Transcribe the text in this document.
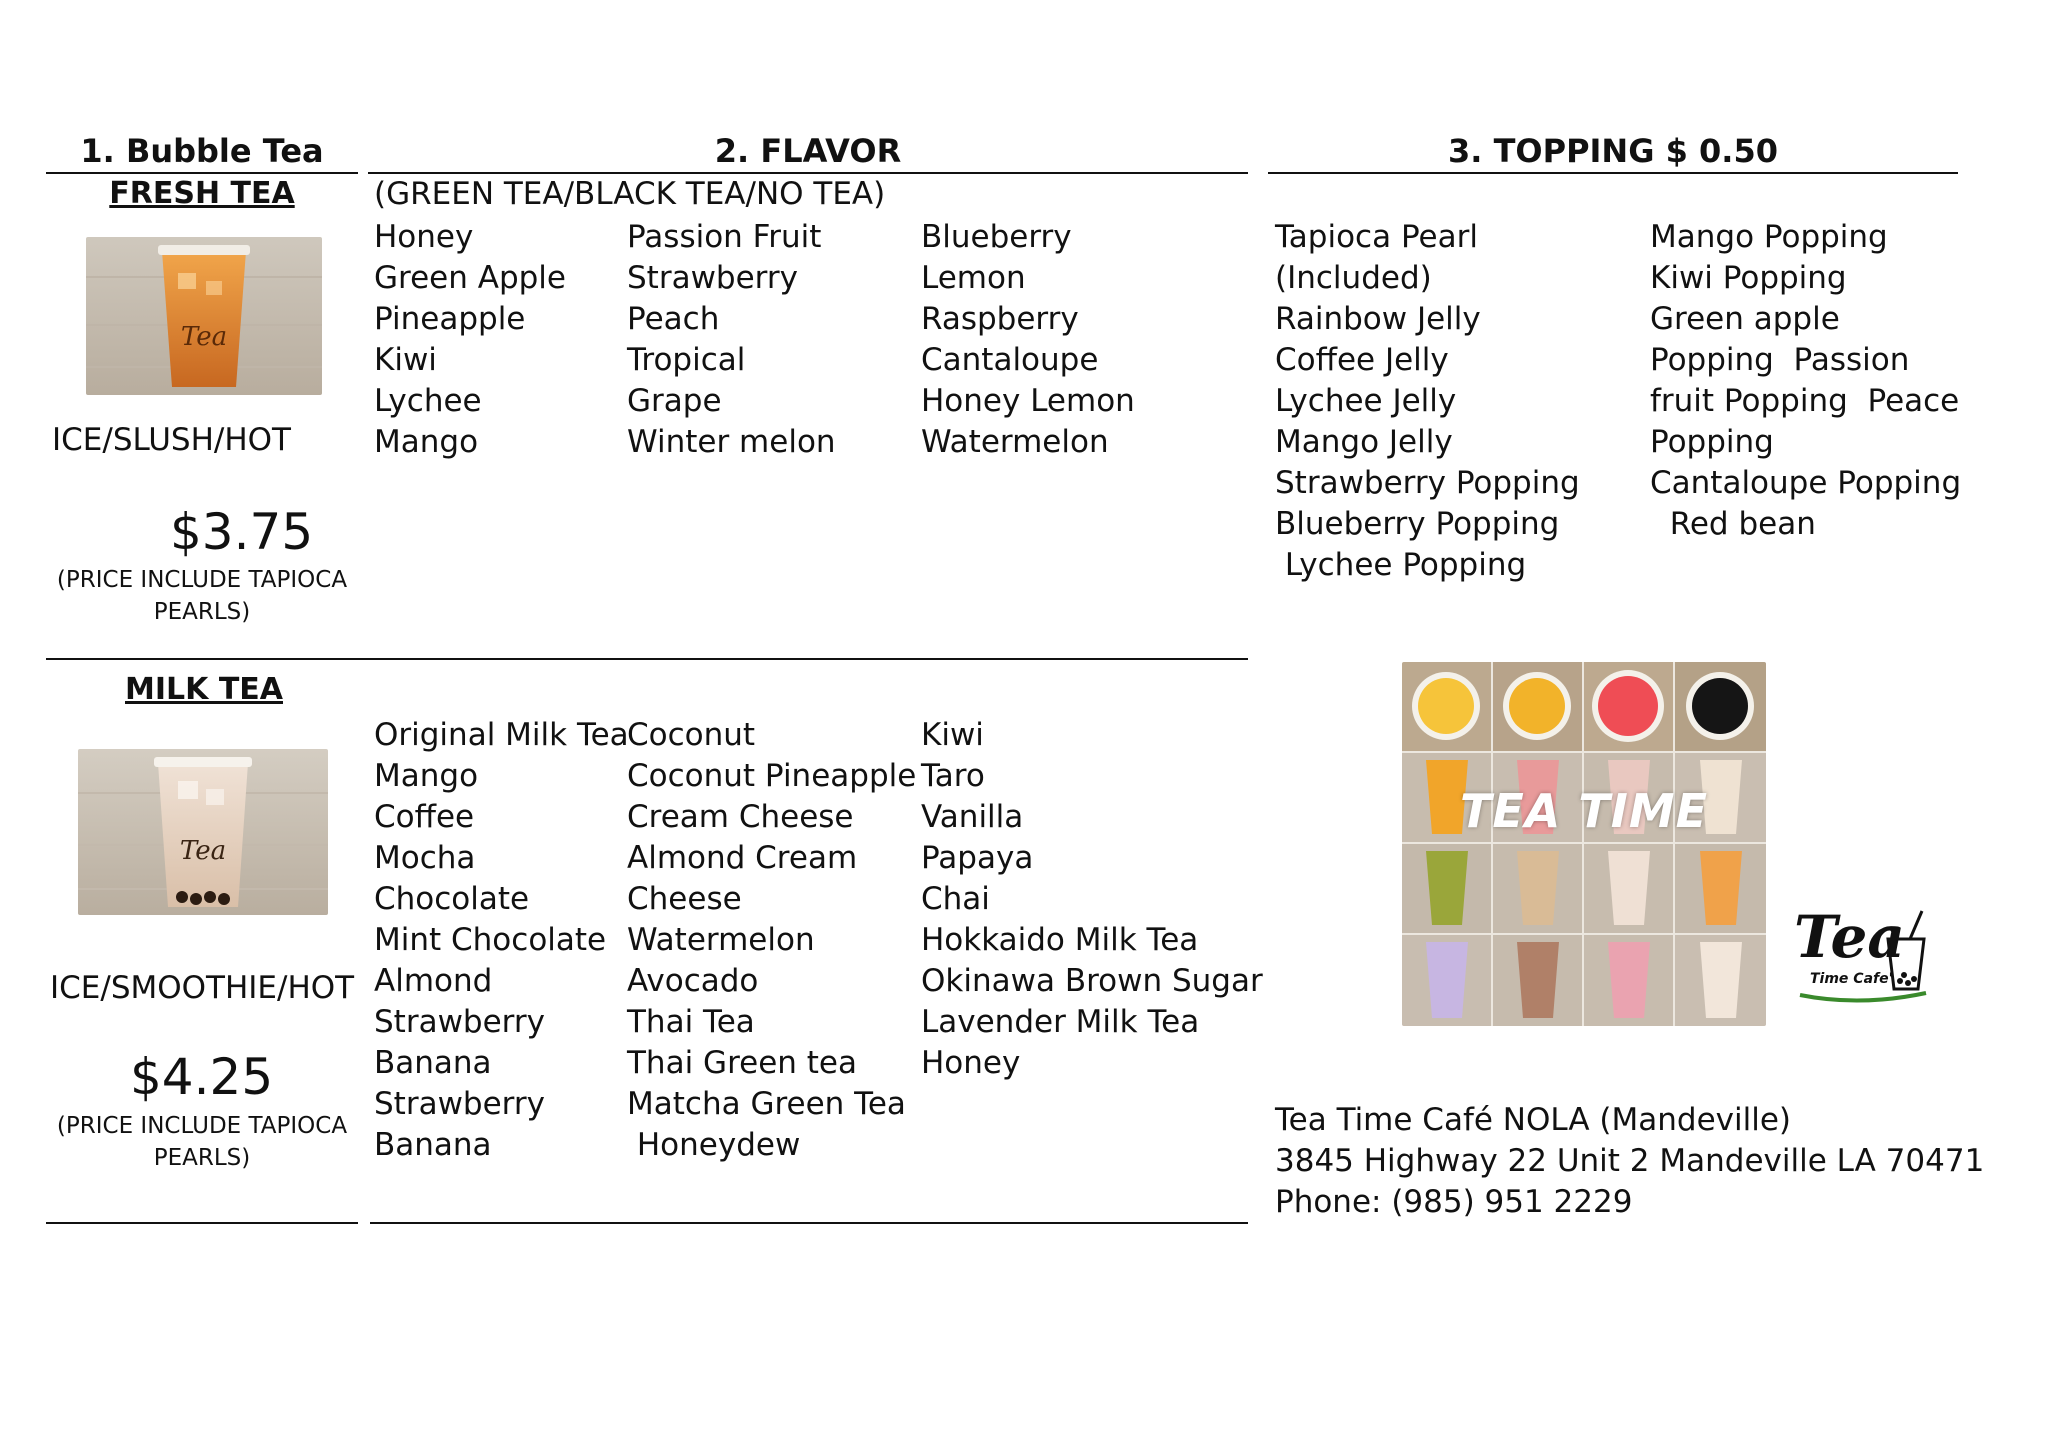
1. Bubble Tea	2. FLAVOR	3. TOPPING $ 0.50
FRESH TEA
Tea
ICE/SLUSH/HOT
$3.75
(PRICE INCLUDE TAPIOCA PEARLS)
(GREEN TEA/BLACK TEA/NO TEA)
Honey
Green Apple
Pineapple
Kiwi
Lychee
Mango
Passion Fruit
Strawberry
Peach
Tropical
Grape
Winter melon
Blueberry
Lemon
Raspberry
Cantaloupe
Honey Lemon
Watermelon
Tapioca Pearl
(Included)
Rainbow Jelly
Coffee Jelly
Lychee Jelly
Mango Jelly
Strawberry Popping
Blueberry Popping
Lychee Popping
Mango Popping
Kiwi Popping
Green apple
Popping  Passion
fruit Popping  Peace
Popping
Cantaloupe Popping
Red bean
MILK TEA
Tea
ICE/SMOOTHIE/HOT
$4.25
(PRICE INCLUDE TAPIOCA PEARLS)
Original Milk Tea
Mango
Coffee
Mocha
Chocolate
Mint Chocolate
Almond
Strawberry
Banana
Strawberry
Banana
Coconut
Coconut Pineapple
Cream Cheese
Almond Cream
Cheese
Watermelon
Avocado
Thai Tea
Thai Green tea
Matcha Green Tea
Honeydew
Kiwi
Taro
Vanilla
Papaya
Chai
Hokkaido Milk Tea
Okinawa Brown Sugar
Lavender Milk Tea
Honey
TEA TIME
Tea
Time Cafe'
Tea Time Café NOLA (Mandeville)
3845 Highway 22 Unit 2 Mandeville LA 70471
Phone: (985) 951 2229
